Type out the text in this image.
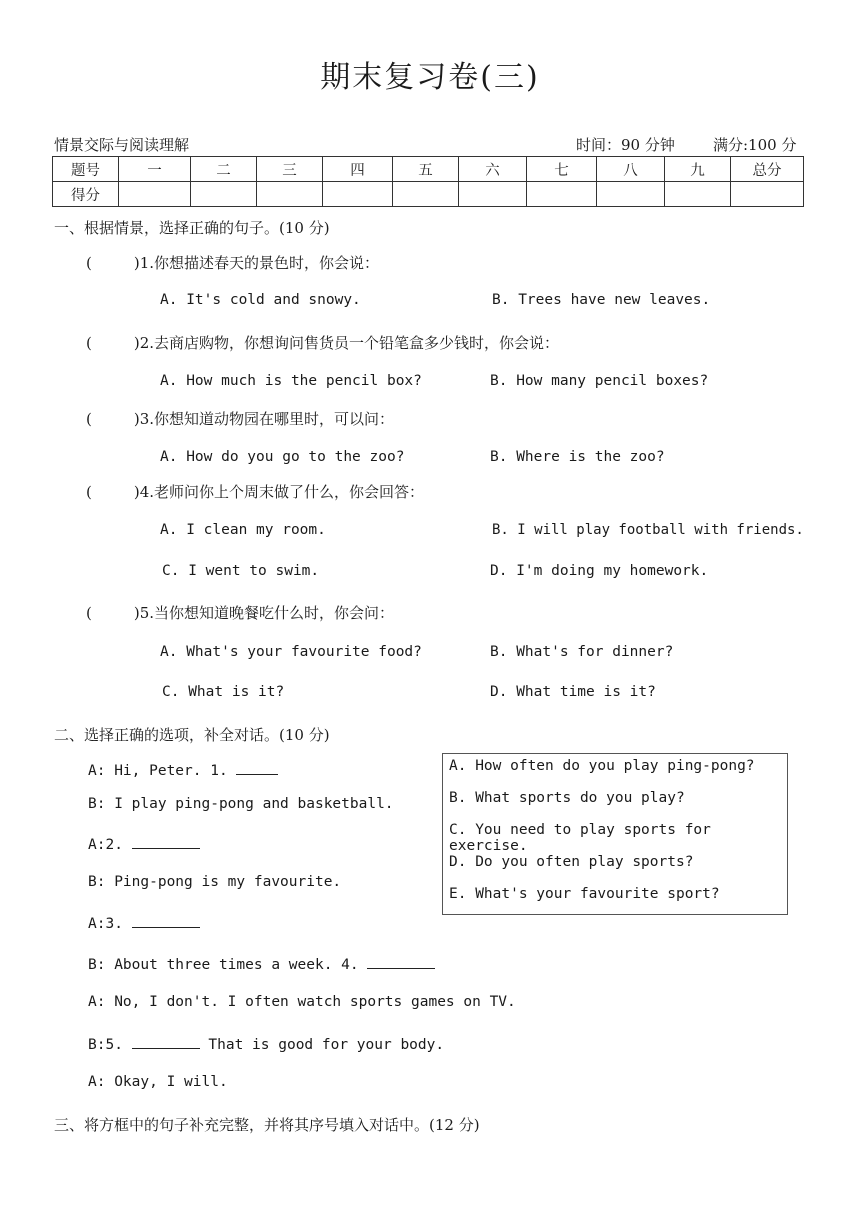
期末复习卷(三)
情景交际与阅读理解	时间：90 分钟	满分:100 分
题号	一	二	三	四	五	六	七	八	九	总分
得分										
一、根据情景，选择正确的句子。(10 分)
(	)1.你想描述春天的景色时，你会说：
A. It's cold and snowy.	B. Trees have new leaves.
(	)2.去商店购物，你想询问售货员一个铅笔盒多少钱时，你会说：
A. How much is the pencil box?	B. How many pencil boxes?
(	)3.你想知道动物园在哪里时，可以问：
A. How do you go to the zoo?	B. Where is the zoo?
(	)4.老师问你上个周末做了什么，你会回答：
A. I clean my room.	B. I will play football with friends.
C. I went to swim.	D. I'm doing my homework.
(	)5.当你想知道晚餐吃什么时，你会问：
A. What's your favourite food?	B. What's for dinner?
C. What is it?	D. What time is it?
二、选择正确的选项，补全对话。(10 分)
A: Hi, Peter. 1.
B: I play ping-pong and basketball.
A:2.
B: Ping-pong is my favourite.
A:3.
B: About three times a week. 4.
A: No, I don't. I often watch sports games on TV.
B:5.	That is good for your body.
A: Okay, I will.
A. How often do you play ping-pong?
B. What sports do you play?
C. You need to play sports for exercise.
D. Do you often play sports?
E. What's your favourite sport?
三、将方框中的句子补充完整，并将其序号填入对话中。(12 分)
